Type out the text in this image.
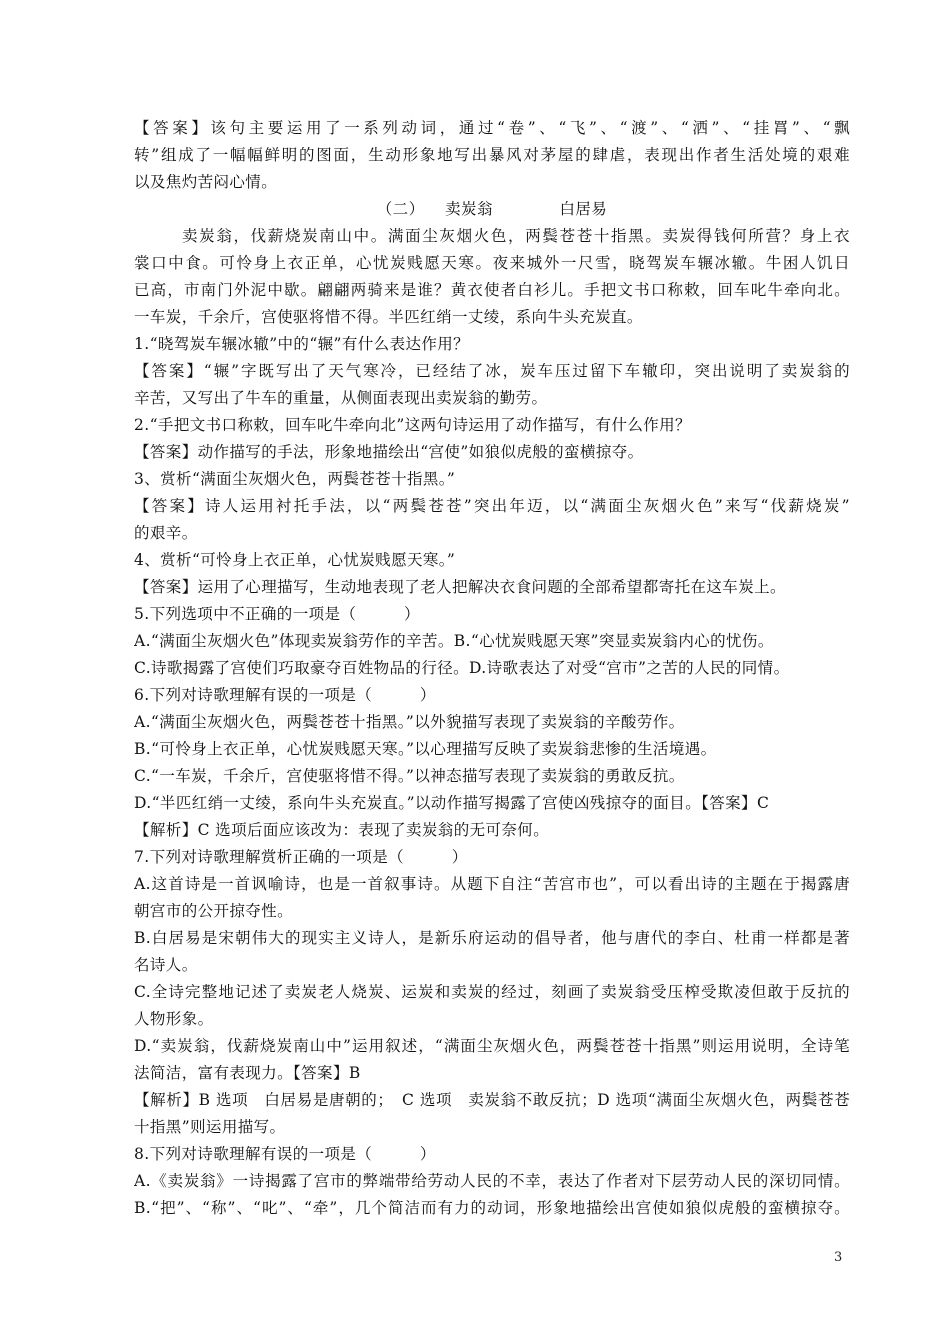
【答案】该句主要运用了一系列动词，通过“卷”、“飞”、“渡”、“洒”、“挂罥”、“飘
转”组成了一幅幅鲜明的图面，生动形象地写出暴风对茅屋的肆虐，表现出作者生活处境的艰难
以及焦灼苦闷心情。
（二） 卖炭翁	白居易
卖炭翁，伐薪烧炭南山中。满面尘灰烟火色，两鬓苍苍十指黑。卖炭得钱何所营？身上衣
裳口中食。可怜身上衣正单，心忧炭贱愿天寒。夜来城外一尺雪，晓驾炭车辗冰辙。牛困人饥日
已高，市南门外泥中歇。翩翩两骑来是谁？黄衣使者白衫儿。手把文书口称敕，回车叱牛牵向北。
一车炭，千余斤，宫使驱将惜不得。半匹红绡一丈绫，系向牛头充炭直。
1.“晓驾炭车辗冰辙”中的“辗”有什么表达作用？
【答案】“辗”字既写出了天气寒冷，已经结了冰，炭车压过留下车辙印，突出说明了卖炭翁的
辛苦，又写出了牛车的重量，从侧面表现出卖炭翁的勤劳。
2.“手把文书口称敕，回车叱牛牵向北”这两句诗运用了动作描写，有什么作用？
【答案】动作描写的手法，形象地描绘出“宫使”如狼似虎般的蛮横掠夺。
3、赏析“满面尘灰烟火色，两鬓苍苍十指黑。”
【答案】诗人运用衬托手法，以“两鬓苍苍”突出年迈，以“满面尘灰烟火色”来写“伐薪烧炭”
的艰辛。
4、赏析“可怜身上衣正单，心忧炭贱愿天寒。”
【答案】运用了心理描写，生动地表现了老人把解决衣食问题的全部希望都寄托在这车炭上。
5.下列选项中不正确的一项是（　　　）
A.“满面尘灰烟火色”体现卖炭翁劳作的辛苦。B.“心忧炭贱愿天寒”突显卖炭翁内心的忧伤。
C.诗歌揭露了宫使们巧取豪夺百姓物品的行径。D.诗歌表达了对受“宫市”之苦的人民的同情。
6.下列对诗歌理解有误的一项是（　　　）
A.“满面尘灰烟火色，两鬓苍苍十指黑。”以外貌描写表现了卖炭翁的辛酸劳作。
B.“可怜身上衣正单，心忧炭贱愿天寒。”以心理描写反映了卖炭翁悲惨的生活境遇。
C.“一车炭，千余斤，宫使驱将惜不得。”以神态描写表现了卖炭翁的勇敢反抗。
D.“半匹红绡一丈绫，系向牛头充炭直。”以动作描写揭露了宫使凶残掠夺的面目。【答案】C
【解析】C 选项后面应该改为：表现了卖炭翁的无可奈何。
7.下列对诗歌理解赏析正确的一项是（　　　）
A.这首诗是一首讽喻诗，也是一首叙事诗。从题下自注“苦宫市也”，可以看出诗的主题在于揭露唐
朝宫市的公开掠夺性。
B.白居易是宋朝伟大的现实主义诗人，是新乐府运动的倡导者，他与唐代的李白、杜甫一样都是著
名诗人。
C.全诗完整地记述了卖炭老人烧炭、运炭和卖炭的经过，刻画了卖炭翁受压榨受欺凌但敢于反抗的
人物形象。
D.“卖炭翁，伐薪烧炭南山中”运用叙述，“满面尘灰烟火色，两鬓苍苍十指黑”则运用说明，全诗笔
法简洁，富有表现力。【答案】B
【解析】B 选项　白居易是唐朝的；　C 选项　卖炭翁不敢反抗；D 选项“满面尘灰烟火色，两鬓苍苍
十指黑”则运用描写。
8.下列对诗歌理解有误的一项是（　　　）
A.《卖炭翁》一诗揭露了宫市的弊端带给劳动人民的不幸，表达了作者对下层劳动人民的深切同情。
B.“把”、“称”、“叱”、“牵”，几个简洁而有力的动词，形象地描绘出宫使如狼似虎般的蛮横掠夺。
3
